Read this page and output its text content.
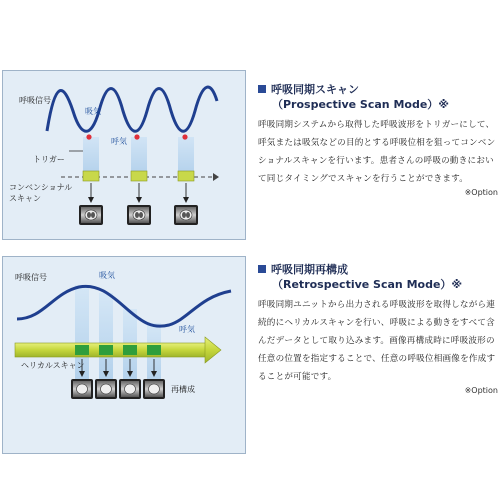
呼吸信号
吸気
呼気
トリガー
コンベンショナル
スキャン
呼吸信号	吸気
呼気
ヘリカルスキャン
再構成
呼吸同期スキャン
（Prospective Scan Mode）※
呼吸同期システムから取得した呼吸波形をトリガーにして、呼気または吸気などの目的とする呼吸位相を狙ってコンベンショナルスキャンを行います。患者さんの呼吸の動きにおいて同じタイミングでスキャンを行うことができます。
※Option
呼吸同期再構成
（Retrospective Scan Mode）※
呼吸同期ユニットから出力される呼吸波形を取得しながら連続的にヘリカルスキャンを行い、呼吸による動きをすべて含んだデータとして取り込みます。画像再構成時に呼吸波形の任意の位置を指定することで、任意の呼吸位相画像を作成することが可能です。
※Option
